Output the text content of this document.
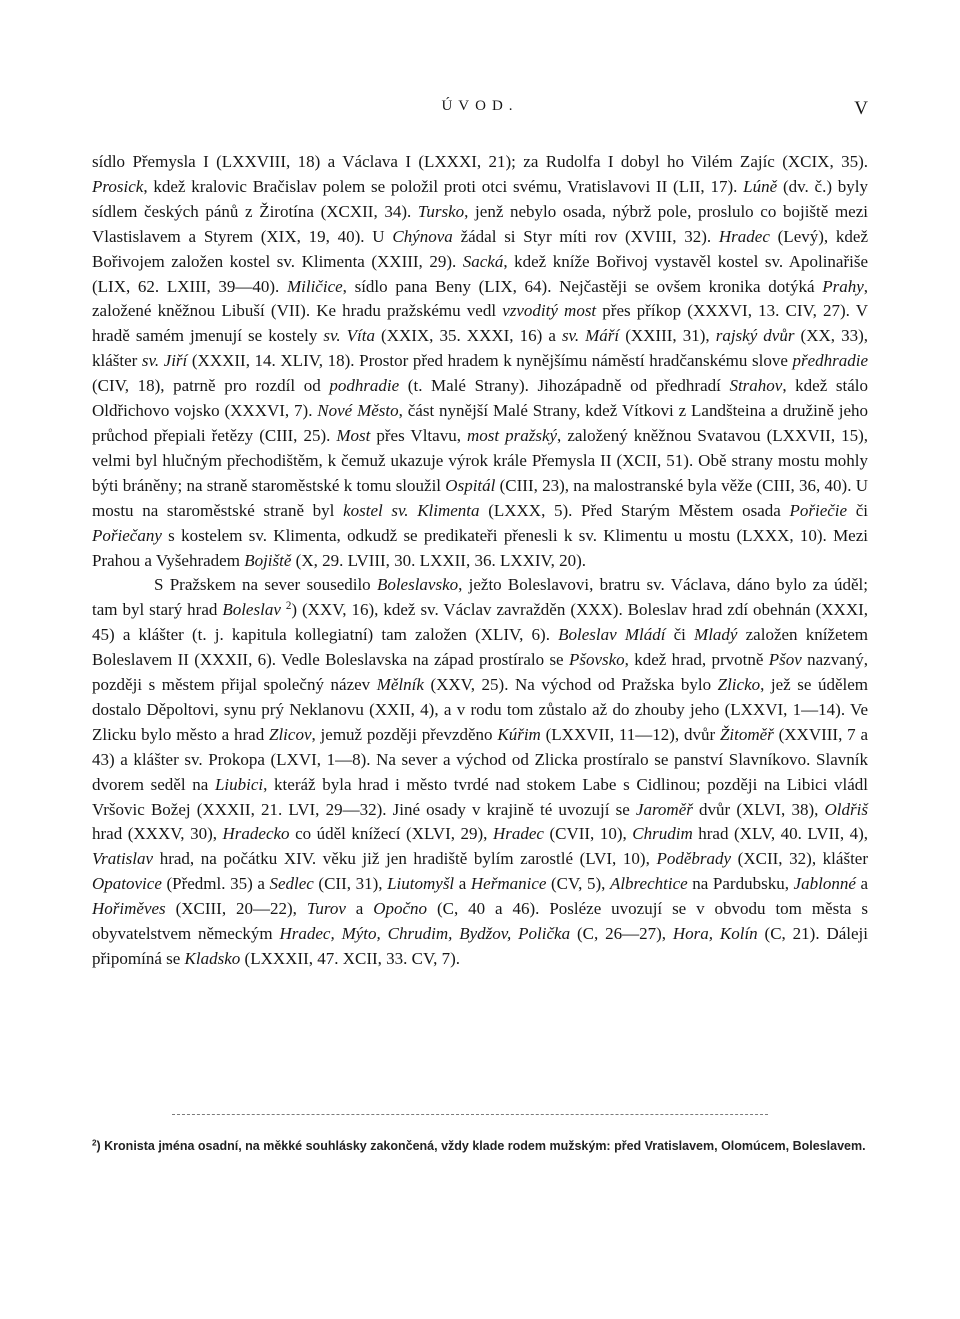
ÚVOD.	V

sídlo Přemysla I (LXXVIII, 18) a Václava I (LXXXI, 21); za Rudolfa I dobyl ho Vilém Zajíc (XCIX, 35). Prosick, kdež kralovic Bračislav polem se položil proti otci svému, Vratislavovi II (LII, 17). Lúně (dv. č.) byly sídlem českých pánů z Žirotína (XCXII, 34). Tursko, jenž nebylo osada, nýbrž pole, proslulo co bojiště mezi Vlastislavem a Styrem (XIX, 19, 40). U Chýnova žádal si Styr míti rov (XVIII, 32). Hradec (Levý), kdež Bořivojem založen kostel sv. Klimenta (XXIII, 29). Sacká, kdež kníže Bořivoj vystavěl kostel sv. Apolinařiše (LIX, 62. LXIII, 39—40). Miličice, sídlo pana Beny (LIX, 64). Nejčastěji se ovšem kronika dotýká Prahy, založené kněžnou Libuší (VII). Ke hradu pražskému vedl vzvoditý most přes příkop (XXXVI, 13. CIV, 27). V hradě samém jmenují se kostely sv. Víta (XXIX, 35. XXXI, 16) a sv. Máří (XXIII, 31), rajský dvůr (XX, 33), klášter sv. Jiří (XXXII, 14. XLIV, 18). Prostor před hradem k nynějšímu náměstí hradčanskému slove předhradie (CIV, 18), patrně pro rozdíl od podhradie (t. Malé Strany). Jihozápadně od předhradí Strahov, kdež stálo Oldřichovo vojsko (XXXVI, 7). Nové Město, část nynější Malé Strany, kdež Vítkovi z Landšteina a družině jeho průchod přepiali řetězy (CIII, 25). Most přes Vltavu, most pražský, založený kněžnou Svatavou (LXXVII, 15), velmi byl hlučným přechodištěm, k čemuž ukazuje výrok krále Přemysla II (XCII, 51). Obě strany mostu mohly býti bráněny; na straně staroměstské k tomu sloužil Ospitál (CIII, 23), na malostranské byla věže (CIII, 36, 40). U mostu na staroměstské straně byl kostel sv. Klimenta (LXXX, 5). Před Starým Městem osada Pořiečie či Pořiečany s kostelem sv. Klimenta, odkudž se predikateři přenesli k sv. Klimentu u mostu (LXXX, 10). Mezi Prahou a Vyšehradem Bojiště (X, 29. LVIII, 30. LXXII, 36. LXXIV, 20).

S Pražskem na sever sousedilo Boleslavsko, ježto Boleslavovi, bratru sv. Václava, dáno bylo za úděl; tam byl starý hrad Boleslav $^2$) (XXV, 16), kdež sv. Václav zavražděn (XXX). Boleslav hrad zdí obehnán (XXXI, 45) a klášter (t. j. kapitula kollegiatní) tam založen (XLIV, 6). Boleslav Mládí či Mladý založen knížetem Boleslavem II (XXXII, 6). Vedle Boleslavska na západ prostíralo se Pšovsko, kdež hrad, prvotně Pšov nazvaný, později s městem přijal společný název Mělník (XXV, 25). Na východ od Pražska bylo Zlicko, jež se údělem dostalo Děpoltovi, synu prý Neklanovu (XXII, 4), a v rodu tom zůstalo až do zhouby jeho (LXXVI, 1—14). Ve Zlicku bylo město a hrad Zlicov, jemuž později převzděno Kúřim (LXXVII, 11—12), dvůr Žitoměř (XXVIII, 7 a 43) a klášter sv. Prokopa (LXVI, 1—8). Na sever a východ od Zlicka prostíralo se panství Slavníkovo. Slavník dvorem seděl na Liubici, kteráž byla hrad i město tvrdé nad stokem Labe s Cidlinou; později na Libici vládl Vršovic Božej (XXXII, 21. LVI, 29—32). Jiné osady v krajině té uvozují se Jaroměř dvůr (XLVI, 38), Oldřiš hrad (XXXV, 30), Hradecko co úděl knížecí (XLVI, 29), Hradec (CVII, 10), Chrudim hrad (XLV, 40. LVII, 4), Vratislav hrad, na počátku XIV. věku již jen hradiště bylím zarostlé (LVI, 10), Poděbrady (XCII, 32), klášter Opatovice (Předml. 35) a Sedlec (CII, 31), Liutomyšl a Heřmanice (CV, 5), Albrechtice na Pardubsku, Jablonné a Hořiměves (XCIII, 20—22), Turov a Opočno (C, 40 a 46). Posléze uvozují se v obvodu tom města s obyvatelstvem německým Hradec, Mýto, Chrudim, Bydžov, Polička (C, 26—27), Hora, Kolín (C, 21). Dáleji připomíná se Kladsko (LXXXII, 47. XCII, 33. CV, 7).

$^2$) Kronista jména osadní, na měkké souhlásky zakončená, vždy klade rodem mužským: před Vratislavem, Olomúcem, Boleslavem.
